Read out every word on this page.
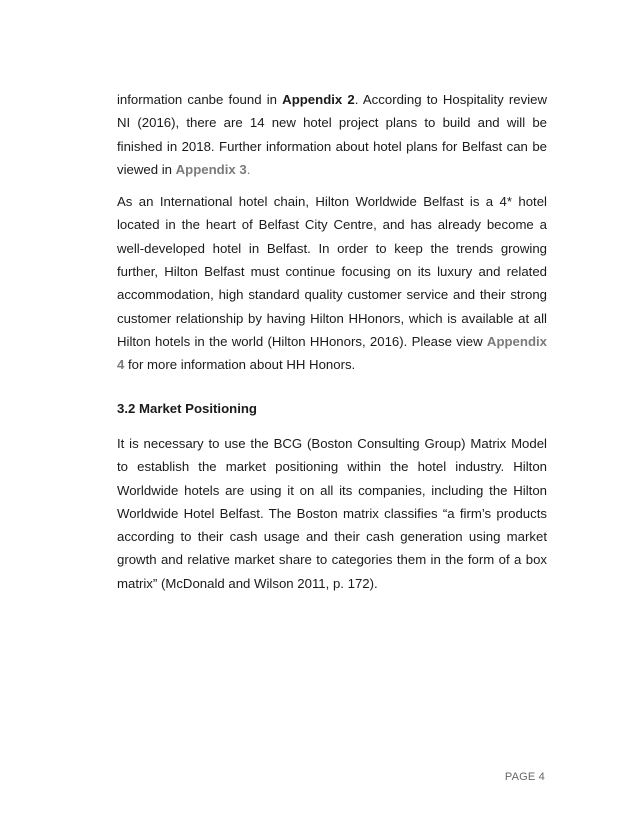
information canbe found in Appendix 2. According to Hospitality review NI (2016), there are 14 new hotel project plans to build and will be finished in 2018. Further information about hotel plans for Belfast can be viewed in Appendix 3.

As an International hotel chain, Hilton Worldwide Belfast is a 4* hotel located in the heart of Belfast City Centre, and has already become a well-developed hotel in Belfast. In order to keep the trends growing further, Hilton Belfast must continue focusing on its luxury and related accommodation, high standard quality customer service and their strong customer relationship by having Hilton HHonors, which is available at all Hilton hotels in the world (Hilton HHonors, 2016). Please view Appendix 4 for more information about HH Honors.

3.2 Market Positioning

It is necessary to use the BCG (Boston Consulting Group) Matrix Model to establish the market positioning within the hotel industry. Hilton Worldwide hotels are using it on all its companies, including the Hilton Worldwide Hotel Belfast. The Boston matrix classifies “a firm’s products according to their cash usage and their cash generation using market growth and relative market share to categories them in the form of a box matrix” (McDonald and Wilson 2011, p. 172).

PAGE 4
